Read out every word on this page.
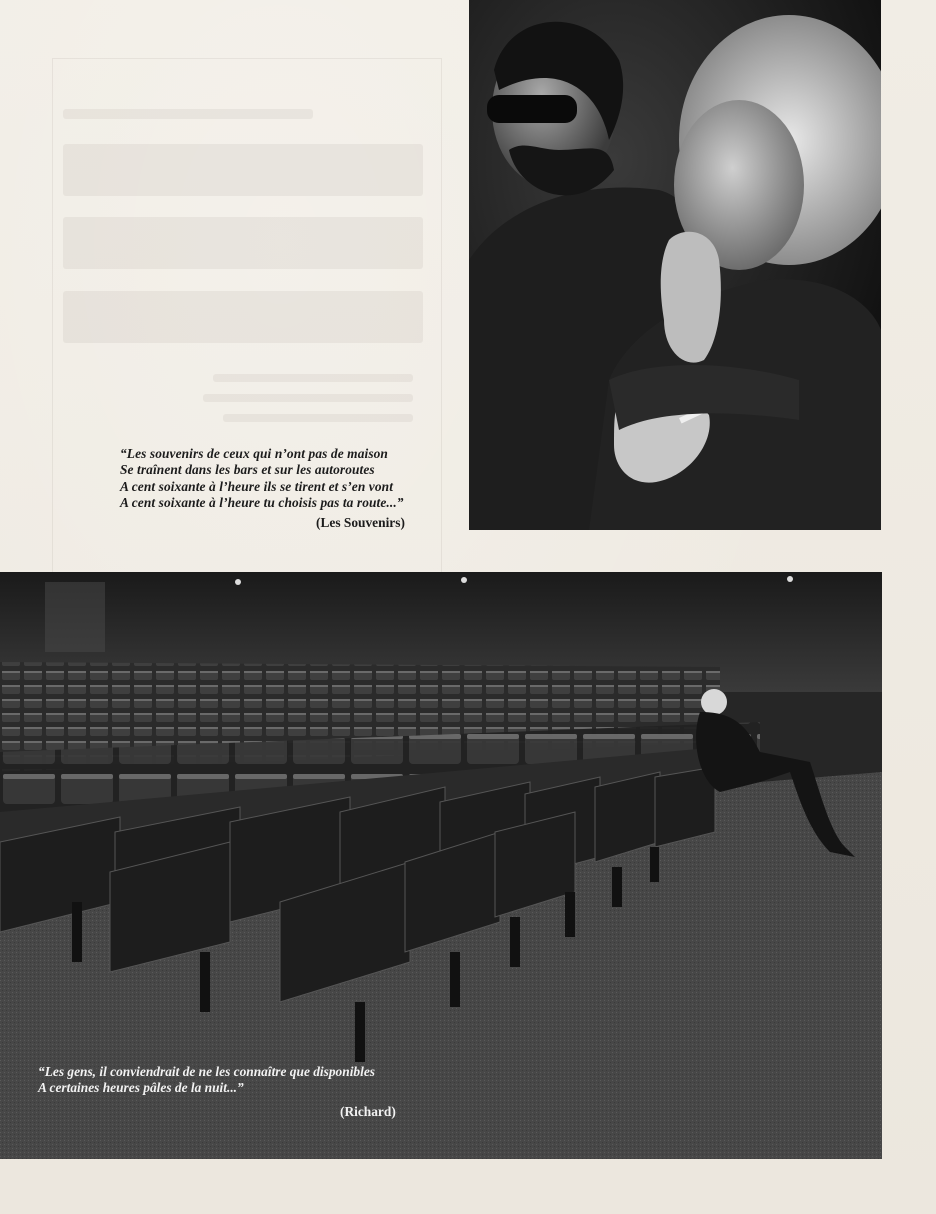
“Les souvenirs de ceux qui n’ont pas de maison
Se traînent dans les bars et sur les autoroutes
A cent soixante à l’heure ils se tirent et s’en vont
A cent soixante à l’heure tu choisis pas ta route...”
(Les Souvenirs)
“Les gens, il conviendrait de ne les connaître que disponibles
A certaines heures pâles de la nuit...”
(Richard)
